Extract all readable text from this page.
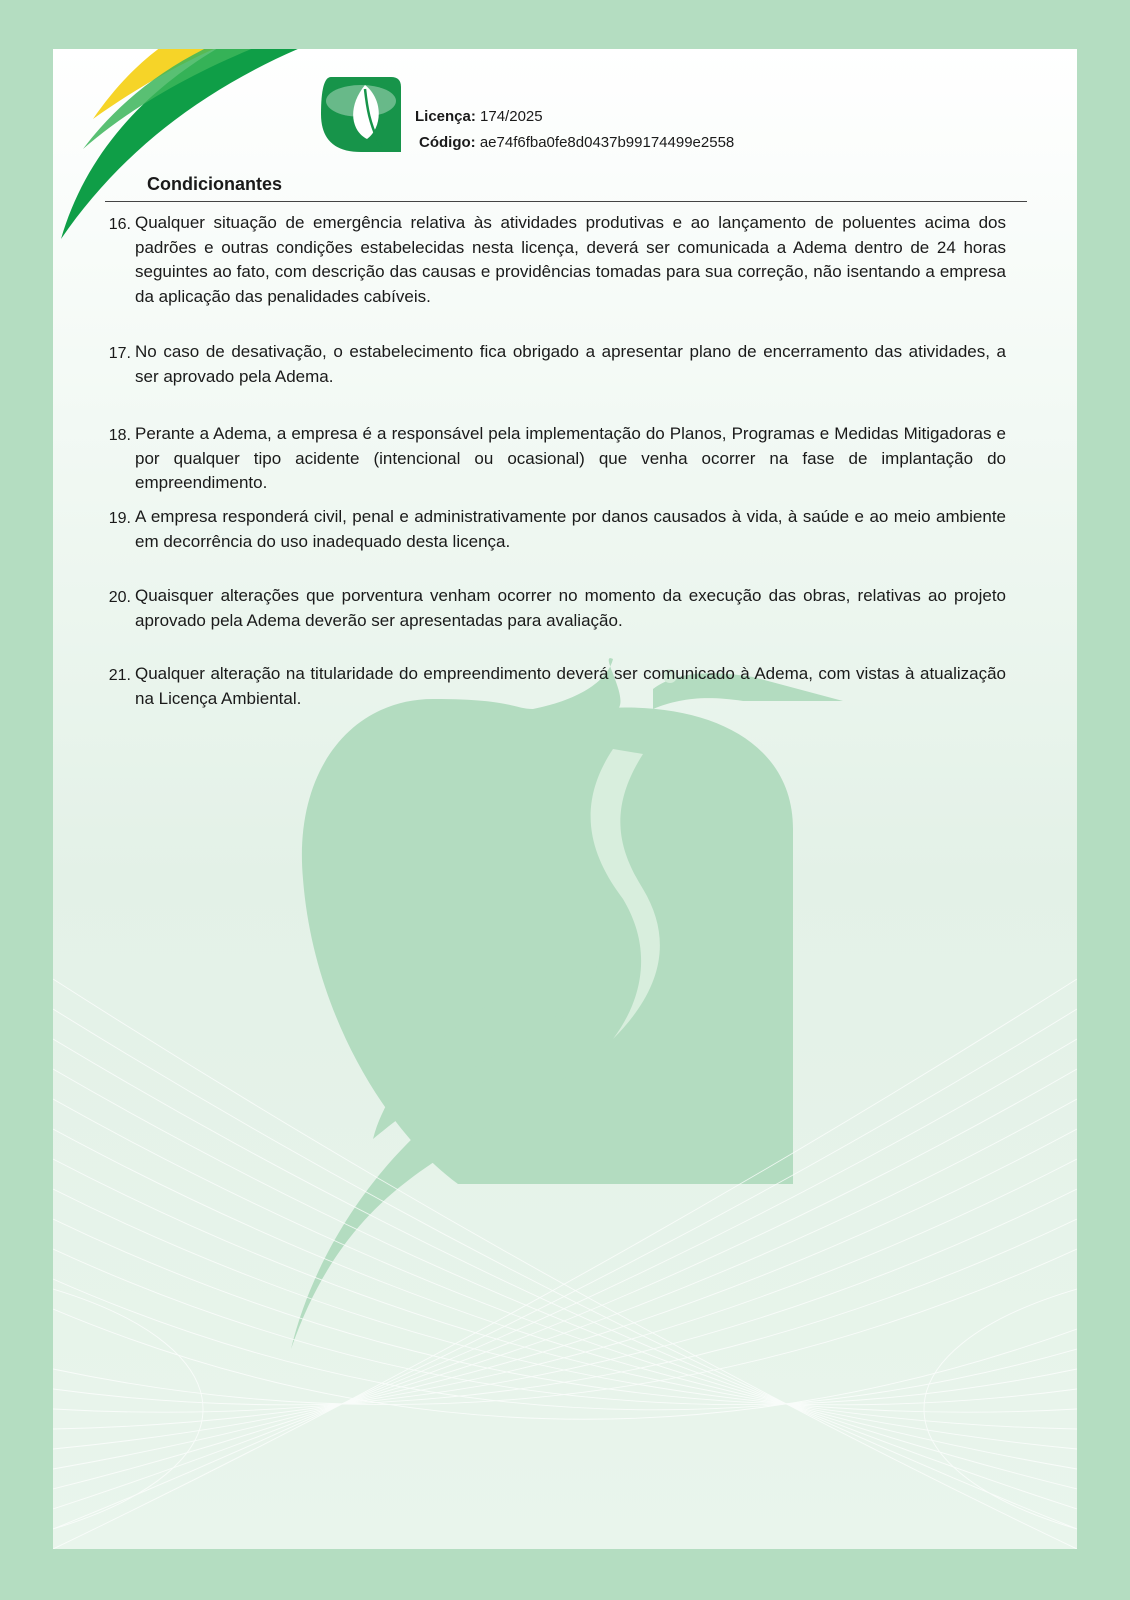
Licença: 174/2025
Código: ae74f6fba0fe8d0437b99174499e2558
Condicionantes
16. Qualquer situação de emergência relativa às atividades produtivas e ao lançamento de poluentes acima dos padrões e outras condições estabelecidas nesta licença, deverá ser comunicada a Adema dentro de 24 horas seguintes ao fato, com descrição das causas e providências tomadas para sua correção, não isentando a empresa da aplicação das penalidades cabíveis.
17. No caso de desativação, o estabelecimento fica obrigado a apresentar plano de encerramento das atividades, a ser aprovado pela Adema.
18. Perante a Adema, a empresa é a responsável pela implementação do Planos, Programas e Medidas Mitigadoras e por qualquer tipo acidente (intencional ou ocasional) que venha ocorrer na fase de implantação do empreendimento.
19. A empresa responderá civil, penal e administrativamente por danos causados à vida, à saúde e ao meio ambiente em decorrência do uso inadequado desta licença.
20. Quaisquer alterações que porventura venham ocorrer no momento da execução das obras, relativas ao projeto aprovado pela Adema deverão ser apresentadas para avaliação.
21. Qualquer alteração na titularidade do empreendimento deverá ser comunicado à Adema, com vistas à atualização na Licença Ambiental.
